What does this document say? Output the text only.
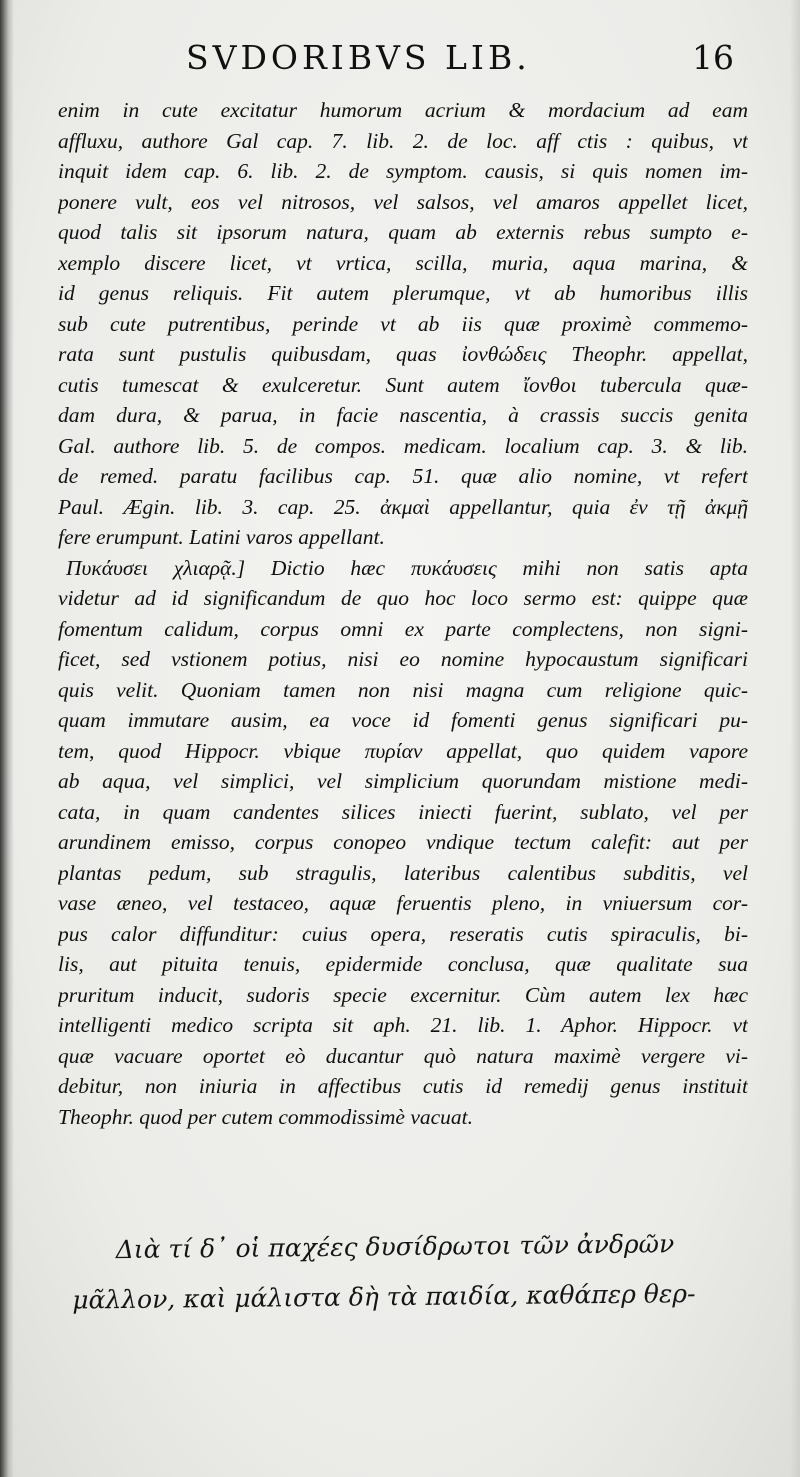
SVDORIBVS LIB.	16
enim in cute excitatur humorum acrium & mordacium ad eam
affluxu, authore Gal cap. 7. lib. 2. de loc. aff ctis : quibus, vt
inquit idem cap. 6. lib. 2. de symptom. causis, si quis nomen im-
ponere vult, eos vel nitrosos, vel salsos, vel amaros appellet licet,
quod talis sit ipsorum natura, quam ab externis rebus sumpto e-
xemplo discere licet, vt vrtica, scilla, muria, aqua marina, &
id genus reliquis. Fit autem plerumque, vt ab humoribus illis
sub cute putrentibus, perinde vt ab iis quæ proximè commemo-
rata sunt pustulis quibusdam, quas ἰονθώδεις Theophr. appellat,
cutis tumescat & exulceretur. Sunt autem ἴονθοι tubercula quæ-
dam dura, & parua, in facie nascentia, à crassis succis genita
Gal. authore lib. 5. de compos. medicam. localium cap. 3. & lib.
de remed. paratu facilibus cap. 51. quæ alio nomine, vt refert
Paul. Ægin. lib. 3. cap. 25. ἀκμαὶ appellantur, quia ἐν τῇ ἀκμῇ
fere erumpunt. Latini varos appellant.
Πυκάυσει χλιαρᾷ.] Dictio hæc πυκάυσεις mihi non satis apta
videtur ad id significandum de quo hoc loco sermo est: quippe quæ
fomentum calidum, corpus omni ex parte complectens, non signi-
ficet, sed vstionem potius, nisi eo nomine hypocaustum significari
quis velit. Quoniam tamen non nisi magna cum religione quic-
quam immutare ausim, ea voce id fomenti genus significari pu-
tem, quod Hippocr. vbique πυρίαν appellat, quo quidem vapore
ab aqua, vel simplici, vel simplicium quorundam mistione medi-
cata, in quam candentes silices iniecti fuerint, sublato, vel per
arundinem emisso, corpus conopeo vndique tectum calefit: aut per
plantas pedum, sub stragulis, lateribus calentibus subditis, vel
vase æneo, vel testaceo, aquæ feruentis pleno, in vniuersum cor-
pus calor diffunditur: cuius opera, reseratis cutis spiraculis, bi-
lis, aut pituita tenuis, epidermide conclusa, quæ qualitate sua
pruritum inducit, sudoris specie excernitur. Cùm autem lex hæc
intelligenti medico scripta sit aph. 21. lib. 1. Aphor. Hippocr. vt
quæ vacuare oportet eò ducantur quò natura maximè vergere vi-
debitur, non iniuria in affectibus cutis id remedij genus instituit
Theophr. quod per cutem commodissimè vacuat.
Διὰ τί δ᾽ οἱ παχέες δυσίδρωτοι τῶν ἀνδρῶν
μᾶλλον, καὶ μάλιστα δὴ τὰ παιδία, καθάπερ θερ-
